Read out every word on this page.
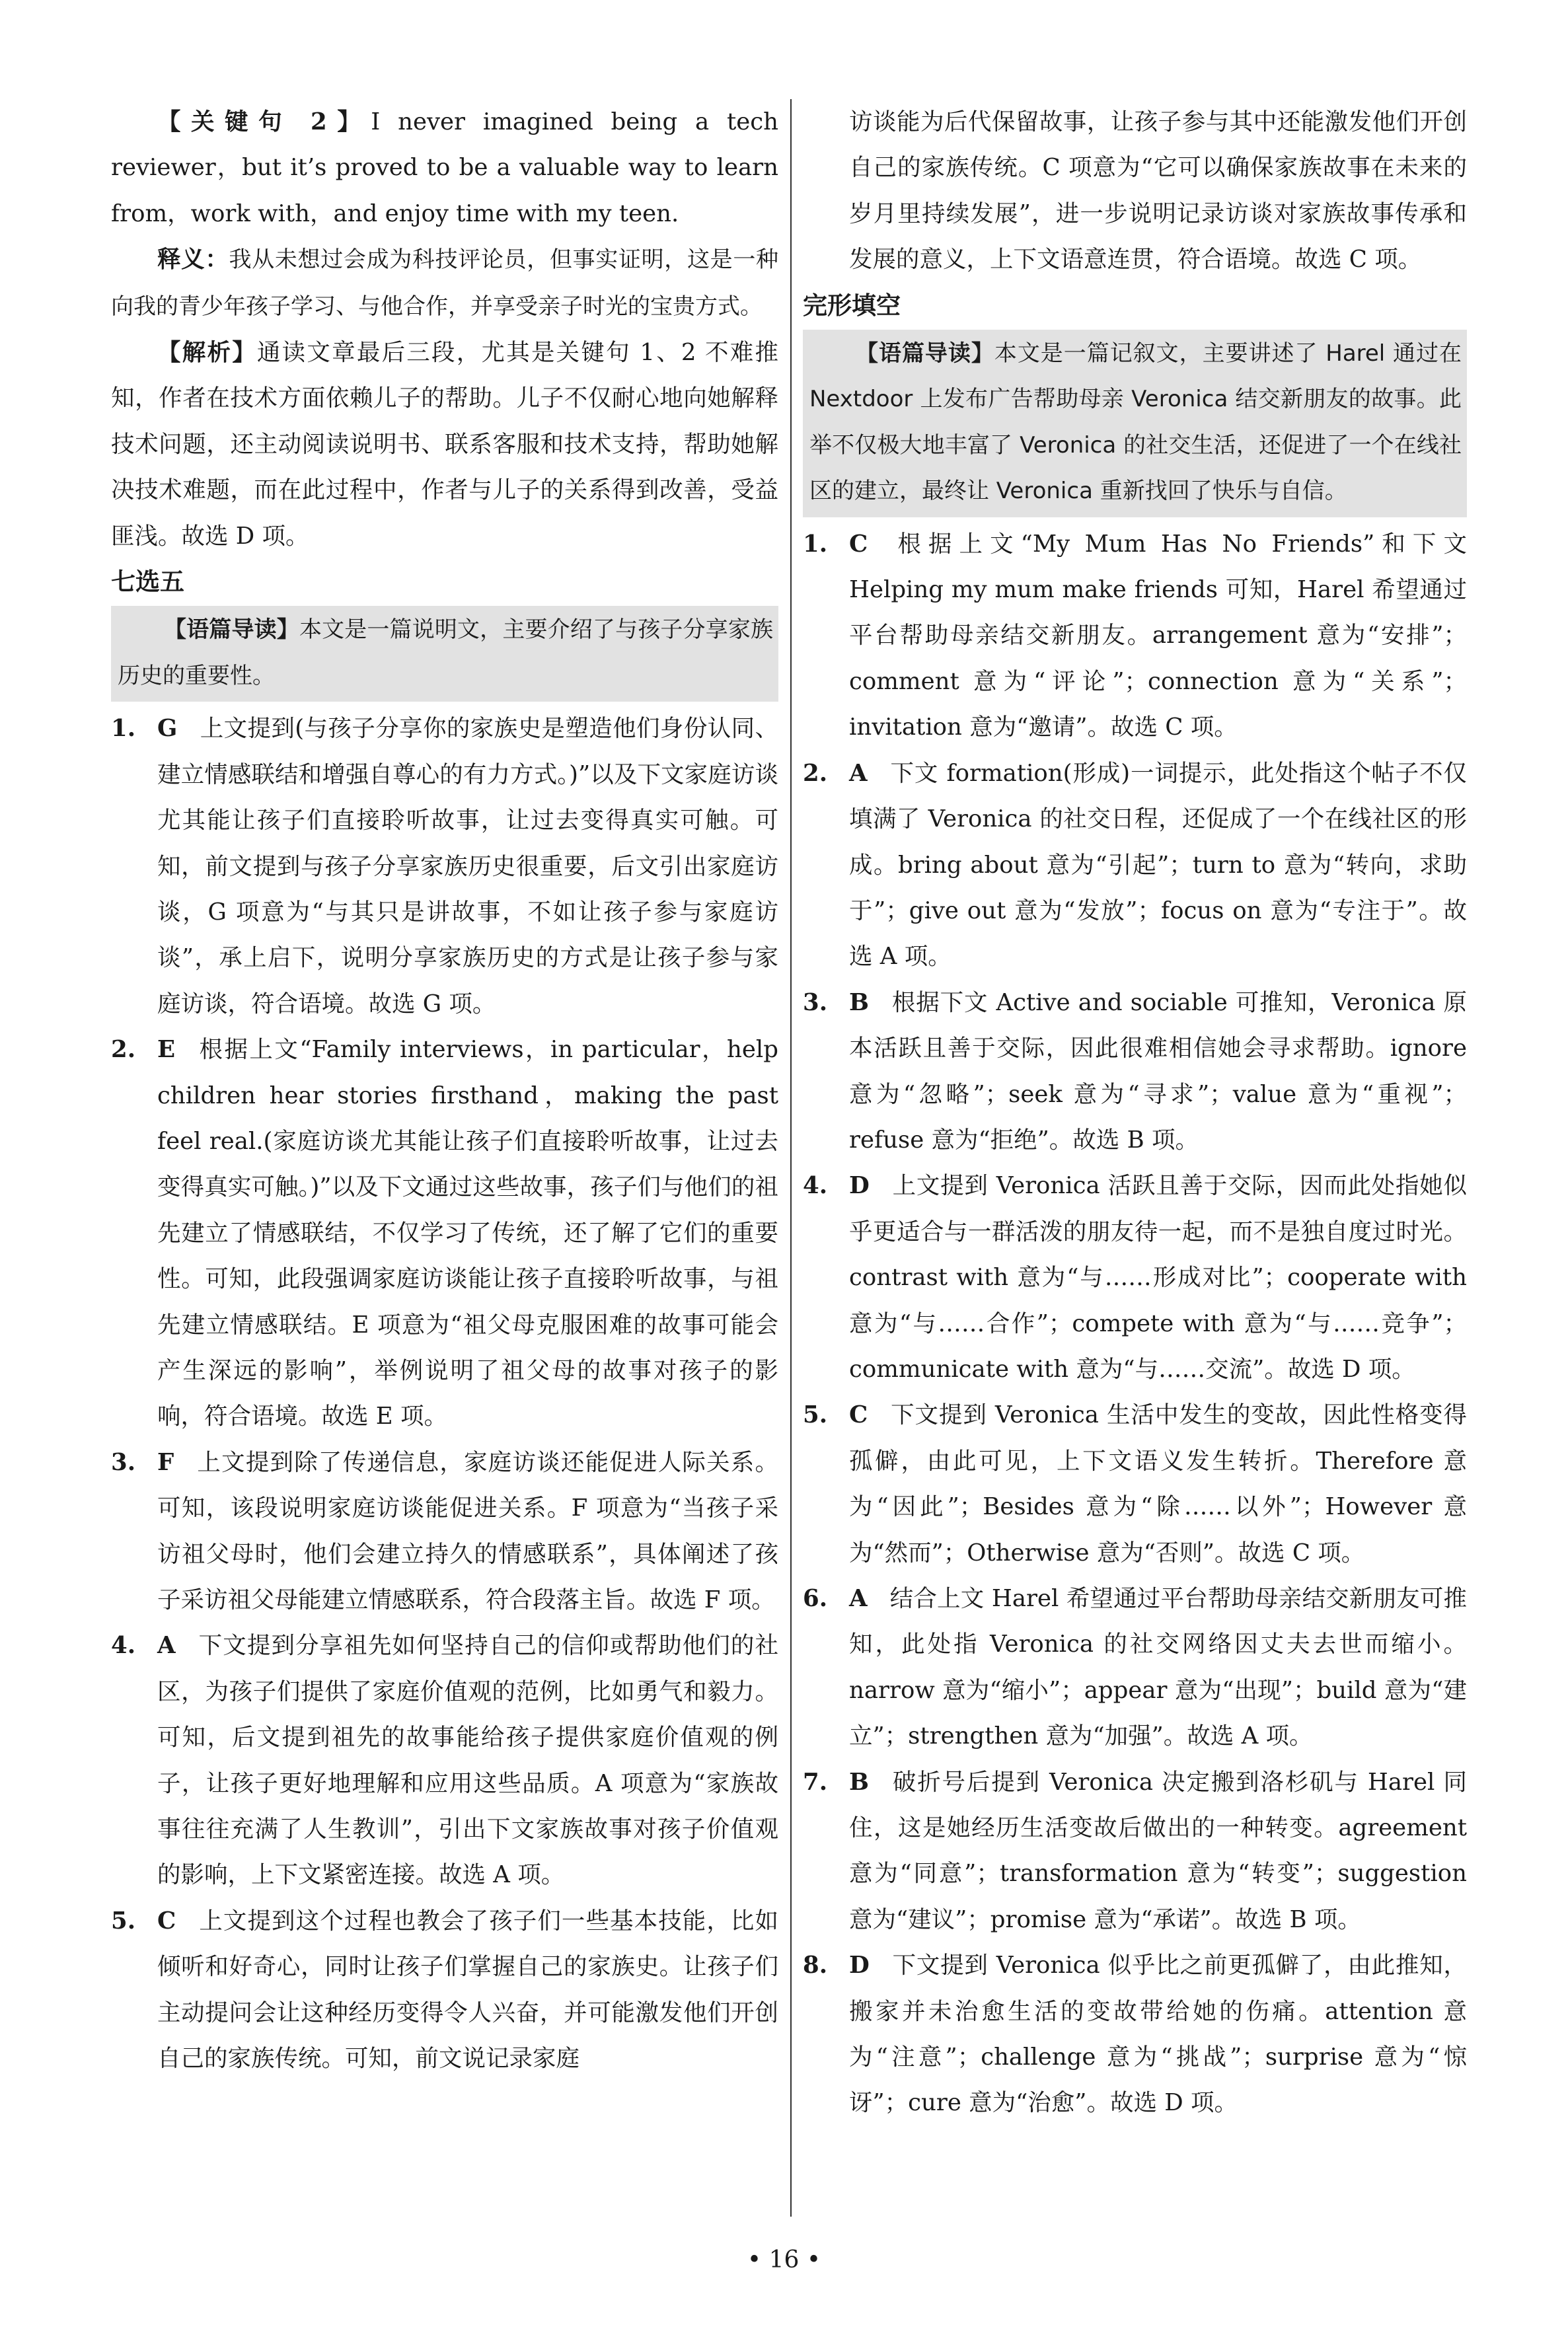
【关键句 2】I never imagined being a tech reviewer，but it’s proved to be a valuable way to learn from，work with，and enjoy time with my teen.

释义：我从未想过会成为科技评论员，但事实证明，这是一种向我的青少年孩子学习、与他合作，并享受亲子时光的宝贵方式。

【解析】通读文章最后三段，尤其是关键句 1、2 不难推知，作者在技术方面依赖儿子的帮助。儿子不仅耐心地向她解释技术问题，还主动阅读说明书、联系客服和技术支持，帮助她解决技术难题，而在此过程中，作者与儿子的关系得到改善，受益匪浅。故选 D 项。

七选五

【语篇导读】本文是一篇说明文，主要介绍了与孩子分享家族历史的重要性。

1. G 上文提到(与孩子分享你的家族史是塑造他们身份认同、建立情感联结和增强自尊心的有力方式。)”以及下文家庭访谈尤其能让孩子们直接聆听故事，让过去变得真实可触。可知，前文提到与孩子分享家族历史很重要，后文引出家庭访谈，G 项意为“与其只是讲故事，不如让孩子参与家庭访谈”，承上启下，说明分享家族历史的方式是让孩子参与家庭访谈，符合语境。故选 G 项。
2. E 根据上文“Family interviews，in particular，help children hear stories firsthand，making the past feel real.(家庭访谈尤其能让孩子们直接聆听故事，让过去变得真实可触。)”以及下文通过这些故事，孩子们与他们的祖先建立了情感联结，不仅学习了传统，还了解了它们的重要性。可知，此段强调家庭访谈能让孩子直接聆听故事，与祖先建立情感联结。E 项意为“祖父母克服困难的故事可能会产生深远的影响”，举例说明了祖父母的故事对孩子的影响，符合语境。故选 E 项。
3. F 上文提到除了传递信息，家庭访谈还能促进人际关系。可知，该段说明家庭访谈能促进关系。F 项意为“当孩子采访祖父母时，他们会建立持久的情感联系”，具体阐述了孩子采访祖父母能建立情感联系，符合段落主旨。故选 F 项。
4. A 下文提到分享祖先如何坚持自己的信仰或帮助他们的社区，为孩子们提供了家庭价值观的范例，比如勇气和毅力。可知，后文提到祖先的故事能给孩子提供家庭价值观的例子，让孩子更好地理解和应用这些品质。A 项意为“家族故事往往充满了人生教训”，引出下文家族故事对孩子价值观的影响，上下文紧密连接。故选 A 项。
5. C 上文提到这个过程也教会了孩子们一些基本技能，比如倾听和好奇心，同时让孩子们掌握自己的家族史。让孩子们主动提问会让这种经历变得令人兴奋，并可能激发他们开创自己的家族传统。可知，前文说记录家庭

访谈能为后代保留故事，让孩子参与其中还能激发他们开创自己的家族传统。C 项意为“它可以确保家族故事在未来的岁月里持续发展”，进一步说明记录访谈对家族故事传承和发展的意义，上下文语意连贯，符合语境。故选 C 项。

完形填空

【语篇导读】本文是一篇记叙文，主要讲述了 Harel 通过在 Nextdoor 上发布广告帮助母亲 Veronica 结交新朋友的故事。此举不仅极大地丰富了 Veronica 的社交生活，还促进了一个在线社区的建立，最终让 Veronica 重新找回了快乐与自信。

1. C 根据上文“My Mum Has No Friends”和下文 Helping my mum make friends 可知，Harel 希望通过平台帮助母亲结交新朋友。arrangement 意为“安排”；comment 意为“评论”；connection 意为“关系”；invitation 意为“邀请”。故选 C 项。
2. A 下文 formation(形成)一词提示，此处指这个帖子不仅填满了 Veronica 的社交日程，还促成了一个在线社区的形成。bring about 意为“引起”；turn to 意为“转向，求助于”；give out 意为“发放”；focus on 意为“专注于”。故选 A 项。
3. B 根据下文 Active and sociable 可推知，Veronica 原本活跃且善于交际，因此很难相信她会寻求帮助。ignore 意为“忽略”；seek 意为“寻求”；value 意为“重视”；refuse 意为“拒绝”。故选 B 项。
4. D 上文提到 Veronica 活跃且善于交际，因而此处指她似乎更适合与一群活泼的朋友待一起，而不是独自度过时光。contrast with 意为“与……形成对比”；cooperate with 意为“与……合作”；compete with 意为“与……竞争”；communicate with 意为“与……交流”。故选 D 项。
5. C 下文提到 Veronica 生活中发生的变故，因此性格变得孤僻，由此可见，上下文语义发生转折。Therefore 意为“因此”；Besides 意为“除……以外”；However 意为“然而”；Otherwise 意为“否则”。故选 C 项。
6. A 结合上文 Harel 希望通过平台帮助母亲结交新朋友可推知，此处指 Veronica 的社交网络因丈夫去世而缩小。narrow 意为“缩小”；appear 意为“出现”；build 意为“建立”；strengthen 意为“加强”。故选 A 项。
7. B 破折号后提到 Veronica 决定搬到洛杉矶与 Harel 同住，这是她经历生活变故后做出的一种转变。agreement 意为“同意”；transformation 意为“转变”；suggestion 意为“建议”；promise 意为“承诺”。故选 B 项。
8. D 下文提到 Veronica 似乎比之前更孤僻了，由此推知，搬家并未治愈生活的变故带给她的伤痛。attention 意为“注意”；challenge 意为“挑战”；surprise 意为“惊讶”；cure 意为“治愈”。故选 D 项。
• 16 •
